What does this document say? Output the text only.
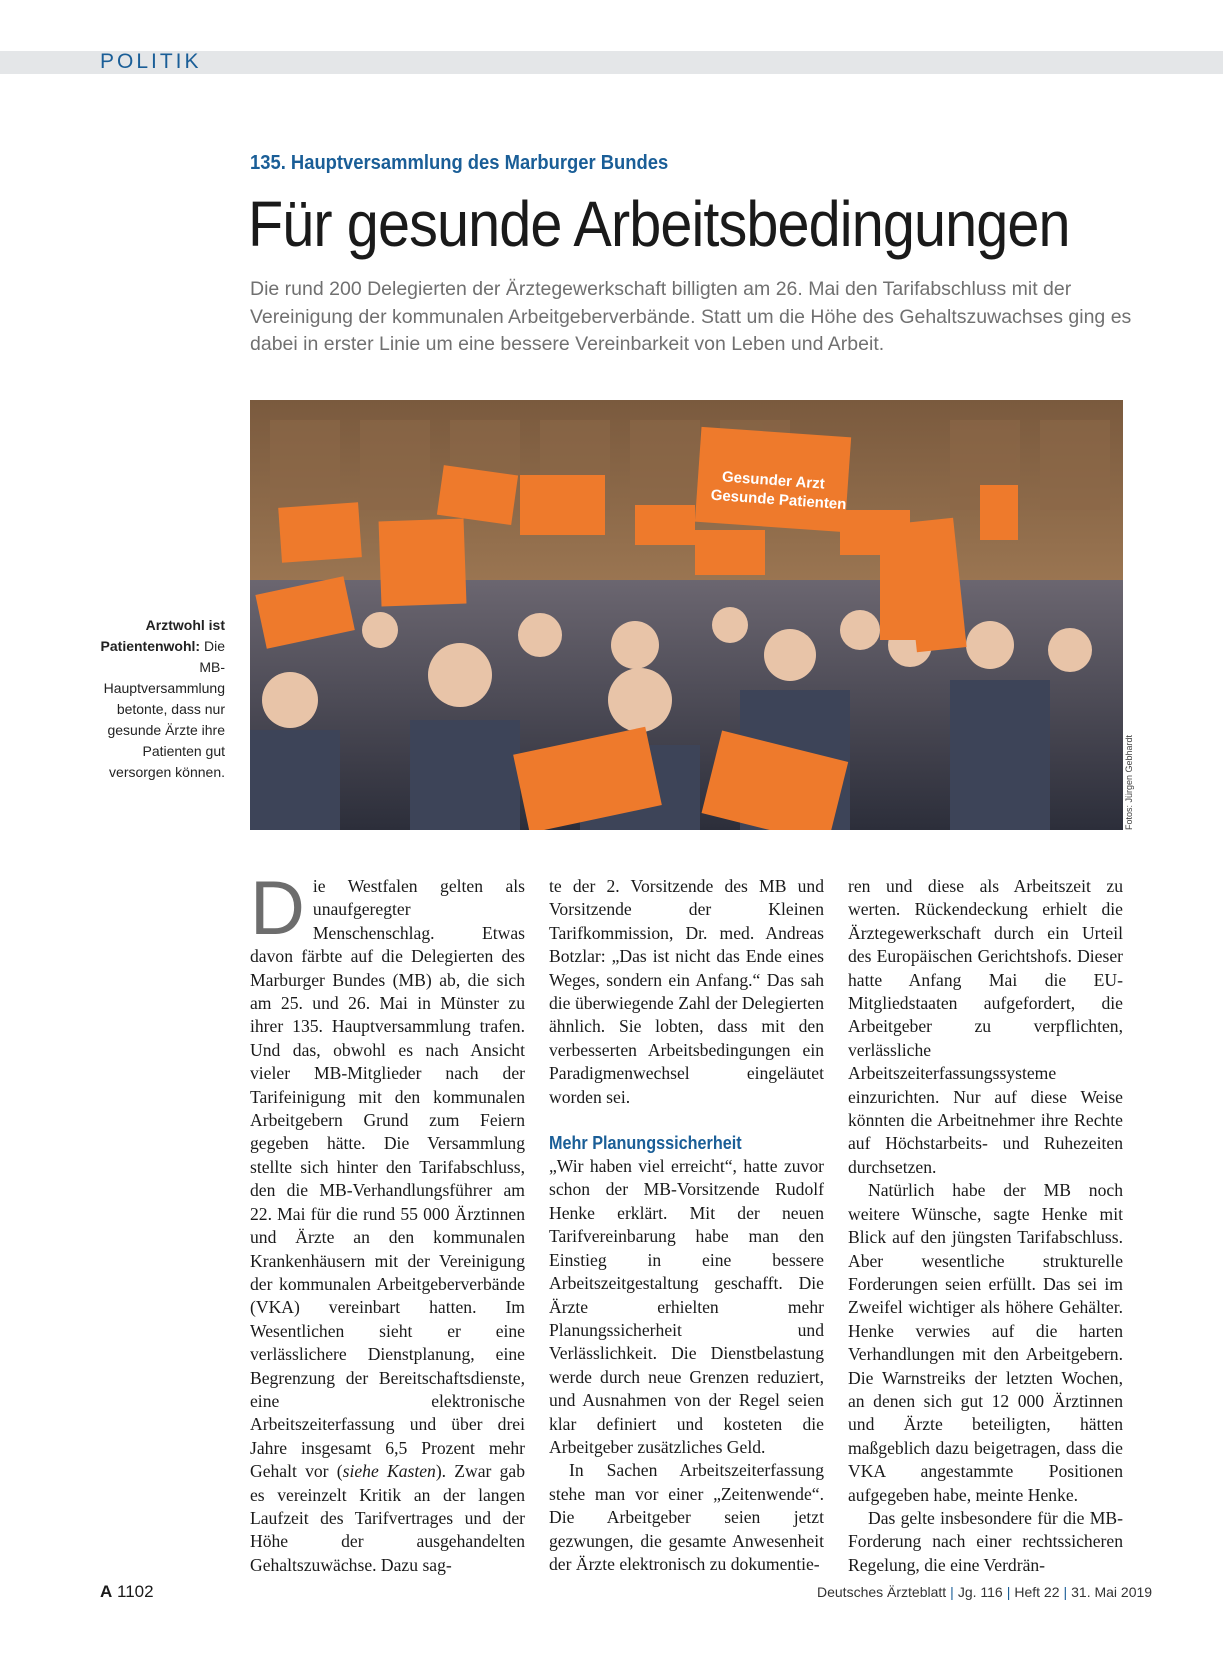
POLITIK
135. Hauptversammlung des Marburger Bundes
Für gesunde Arbeitsbedingungen

Die rund 200 Delegierten der Ärztegewerkschaft billigten am 26. Mai den Tarifabschluss mit der Vereinigung der kommunalen Arbeitgeberverbände. Statt um die Höhe des Gehaltszuwachses ging es dabei in erster Linie um eine bessere Vereinbarkeit von Leben und Arbeit.

Gesunder Arzt
Gesunde Patienten
Fotos: Jürgen Gebhardt
Arztwohl ist Patientenwohl: Die MB-Hauptversammlung betonte, dass nur gesunde Ärzte ihre Patienten gut versorgen können.

Die Westfalen gelten als unaufgeregter Menschenschlag. Etwas davon färbte auf die Delegierten des Marburger Bundes (MB) ab, die sich am 25. und 26. Mai in Münster zu ihrer 135. Hauptversammlung trafen. Und das, obwohl es nach Ansicht vieler MB-Mitglieder nach der Tarifeinigung mit den kommunalen Arbeitgebern Grund zum Feiern gegeben hätte. Die Versammlung stellte sich hinter den Tarifabschluss, den die MB-Verhandlungsführer am 22. Mai für die rund 55 000 Ärztinnen und Ärzte an den kommunalen Krankenhäusern mit der Vereinigung der kommunalen Arbeitgeberverbände (VKA) vereinbart hatten. Im Wesentlichen sieht er eine verlässlichere Dienstplanung, eine Begrenzung der Bereitschaftsdienste, eine elektronische Arbeitszeiterfassung und über drei Jahre insgesamt 6,5 Prozent mehr Gehalt vor (siehe Kasten). Zwar gab es vereinzelt Kritik an der langen Laufzeit des Tarifvertrages und der Höhe der ausgehandelten Gehaltszuwächse. Dazu sag-

te der 2. Vorsitzende des MB und Vorsitzende der Kleinen Tarifkommission, Dr. med. Andreas Botzlar: „Das ist nicht das Ende eines Weges, sondern ein Anfang.“ Das sah die überwiegende Zahl der Delegierten ähnlich. Sie lobten, dass mit den verbesserten Arbeitsbedingungen ein Paradigmenwechsel eingeläutet worden sei.

Mehr Planungssicherheit

„Wir haben viel erreicht“, hatte zuvor schon der MB-Vorsitzende Rudolf Henke erklärt. Mit der neuen Tarifvereinbarung habe man den Einstieg in eine bessere Arbeitszeitgestaltung geschafft. Die Ärzte erhielten mehr Planungssicherheit und Verlässlichkeit. Die Dienstbelastung werde durch neue Grenzen reduziert, und Ausnahmen von der Regel seien klar definiert und kosteten die Arbeitgeber zusätzliches Geld.

In Sachen Arbeitszeiterfassung stehe man vor einer „Zeitenwende“. Die Arbeitgeber seien jetzt gezwungen, die gesamte Anwesenheit der Ärzte elektronisch zu dokumentie-

ren und diese als Arbeitszeit zu werten. Rückendeckung erhielt die Ärztegewerkschaft durch ein Urteil des Europäischen Gerichtshofs. Dieser hatte Anfang Mai die EU-Mitgliedstaaten aufgefordert, die Arbeitgeber zu verpflichten, verlässliche Arbeitszeiterfassungssysteme einzurichten. Nur auf diese Weise könnten die Arbeitnehmer ihre Rechte auf Höchstarbeits- und Ruhezeiten durchsetzen.

Natürlich habe der MB noch weitere Wünsche, sagte Henke mit Blick auf den jüngsten Tarifabschluss. Aber wesentliche strukturelle Forderungen seien erfüllt. Das sei im Zweifel wichtiger als höhere Gehälter. Henke verwies auf die harten Verhandlungen mit den Arbeitgebern. Die Warnstreiks der letzten Wochen, an denen sich gut 12 000 Ärztinnen und Ärzte beteiligten, hätten maßgeblich dazu beigetragen, dass die VKA angestammte Positionen aufgegeben habe, meinte Henke.

Das gelte insbesondere für die MB-Forderung nach einer rechtssicheren Regelung, die eine Verdrän-

A 1102	Deutsches Ärzteblatt | Jg. 116 | Heft 22 | 31. Mai 2019
